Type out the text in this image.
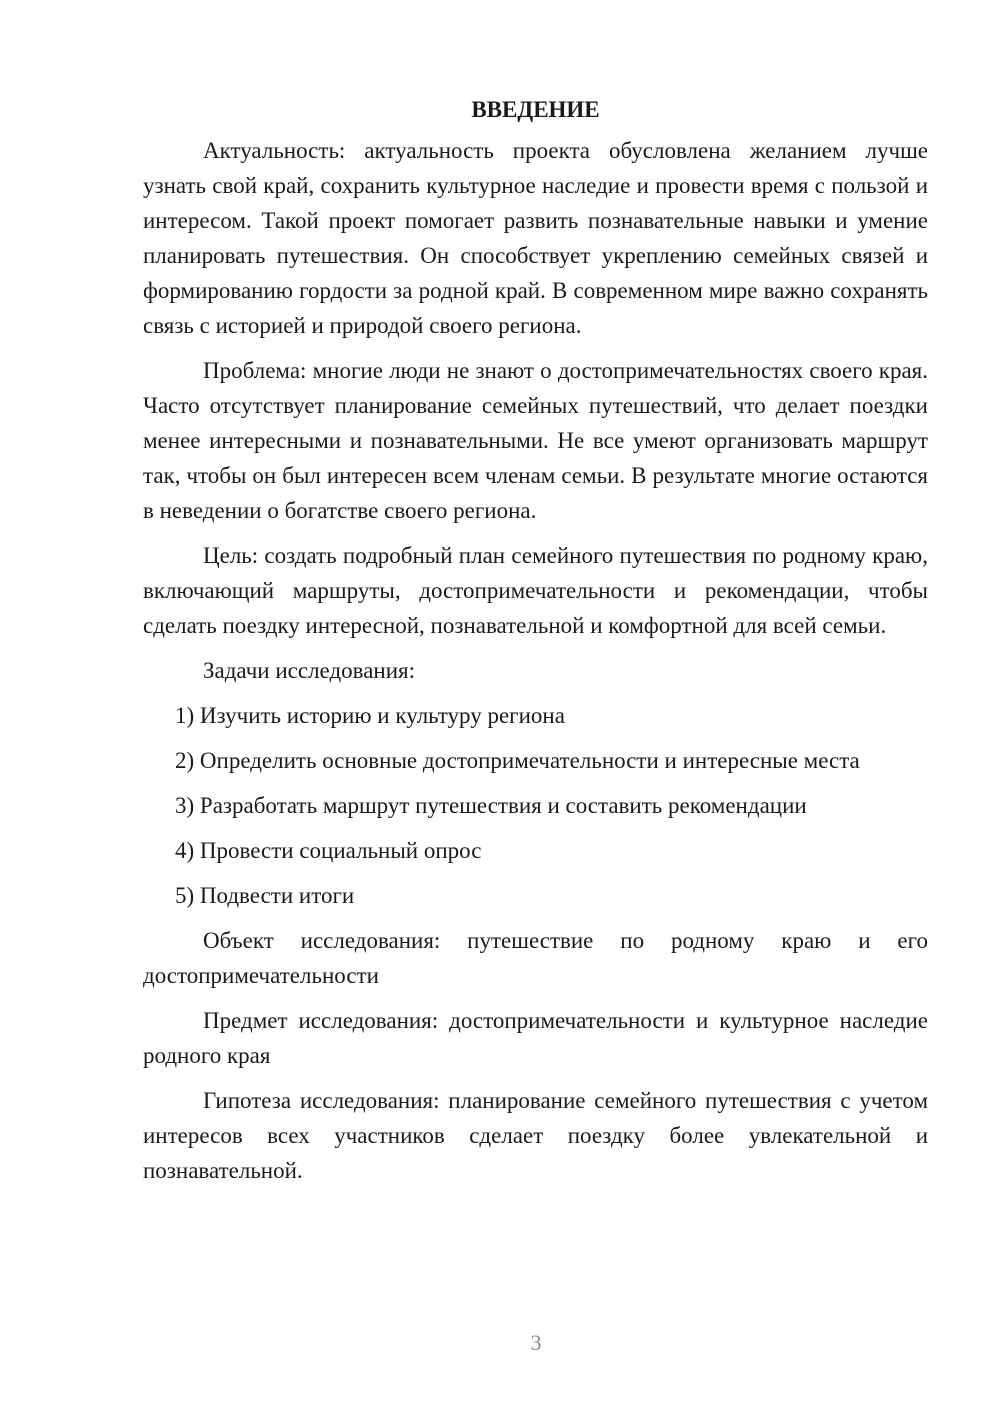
ВВЕДЕНИЕ

Актуальность: актуальность проекта обусловлена желанием лучше узнать свой край, сохранить культурное наследие и провести время с пользой и интересом. Такой проект помогает развить познавательные навыки и умение планировать путешествия. Он способствует укреплению семейных связей и формированию гордости за родной край. В современном мире важно сохранять связь с историей и природой своего региона.

Проблема: многие люди не знают о достопримечательностях своего края. Часто отсутствует планирование семейных путешествий, что делает поездки менее интересными и познавательными. Не все умеют организовать маршрут так, чтобы он был интересен всем членам семьи. В результате многие остаются в неведении о богатстве своего региона.

Цель: создать подробный план семейного путешествия по родному краю, включающий маршруты, достопримечательности и рекомендации, чтобы сделать поездку интересной, познавательной и комфортной для всей семьи.

Задачи исследования:
1) Изучить историю и культуру региона
2) Определить основные достопримечательности и интересные места
3) Разработать маршрут путешествия и составить рекомендации
4) Провести социальный опрос
5) Подвести итоги

Объект исследования: путешествие по родному краю и его достопримечательности

Предмет исследования: достопримечательности и культурное наследие родного края

Гипотеза исследования: планирование семейного путешествия с учетом интересов всех участников сделает поездку более увлекательной и познавательной.

3
